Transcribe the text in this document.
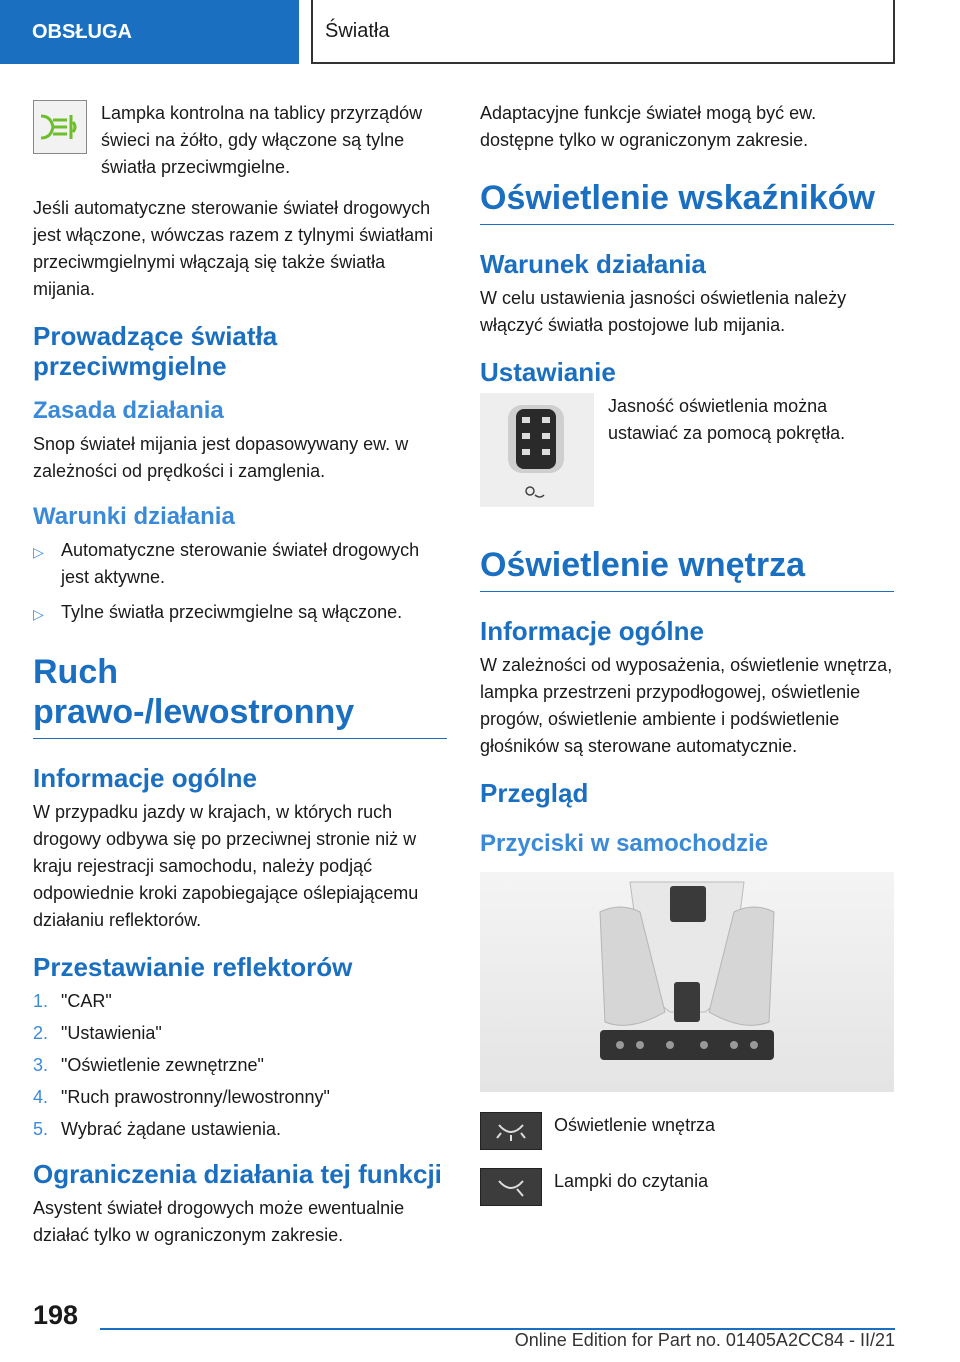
OBSŁUGA	Światła

Lampka kontrolna na tablicy przyrządów świeci na żółto, gdy włączone są tylne światła przeciwmgielne.

Jeśli automatyczne sterowanie świateł drogowych jest włączone, wówczas razem z tylnymi światłami przeciwmgielnymi włączają się także światła mijania.

Prowadzące światła przeciwmgielne
Zasada działania

Snop świateł mijania jest dopasowywany ew. w zależności od prędkości i zamglenia.

Warunki działania
▷ Automatyczne sterowanie świateł drogowych jest aktywne.
▷ Tylne światła przeciwmgielne są włączone.
Ruch prawo-/lewostronny
Informacje ogólne

W przypadku jazdy w krajach, w których ruch drogowy odbywa się po przeciwnej stronie niż w kraju rejestracji samochodu, należy podjąć odpowiednie kroki zapobiegające oślepiającemu działaniu reflektorów.

Przestawianie reflektorów
1. "CAR"
2. "Ustawienia"
3. "Oświetlenie zewnętrzne"
4. "Ruch prawostronny/lewostronny"
5. Wybrać żądane ustawienia.
Ograniczenia działania tej funkcji

Asystent świateł drogowych może ewentualnie działać tylko w ograniczonym zakresie.

Adaptacyjne funkcje świateł mogą być ew. dostępne tylko w ograniczonym zakresie.

Oświetlenie wskaźników
Warunek działania

W celu ustawienia jasności oświetlenia należy włączyć światła postojowe lub mijania.

Ustawianie

Jasność oświetlenia można ustawiać za pomocą pokrętła.

Oświetlenie wnętrza
Informacje ogólne

W zależności od wyposażenia, oświetlenie wnętrza, lampka przestrzeni przypodłogowej, oświetlenie progów, oświetlenie ambiente i podświetlenie głośników są sterowane automatycznie.

Przegląd
Przyciski w samochodzie

Oświetlenie wnętrza

Lampki do czytania

198
Online Edition for Part no. 01405A2CC84 - II/21
